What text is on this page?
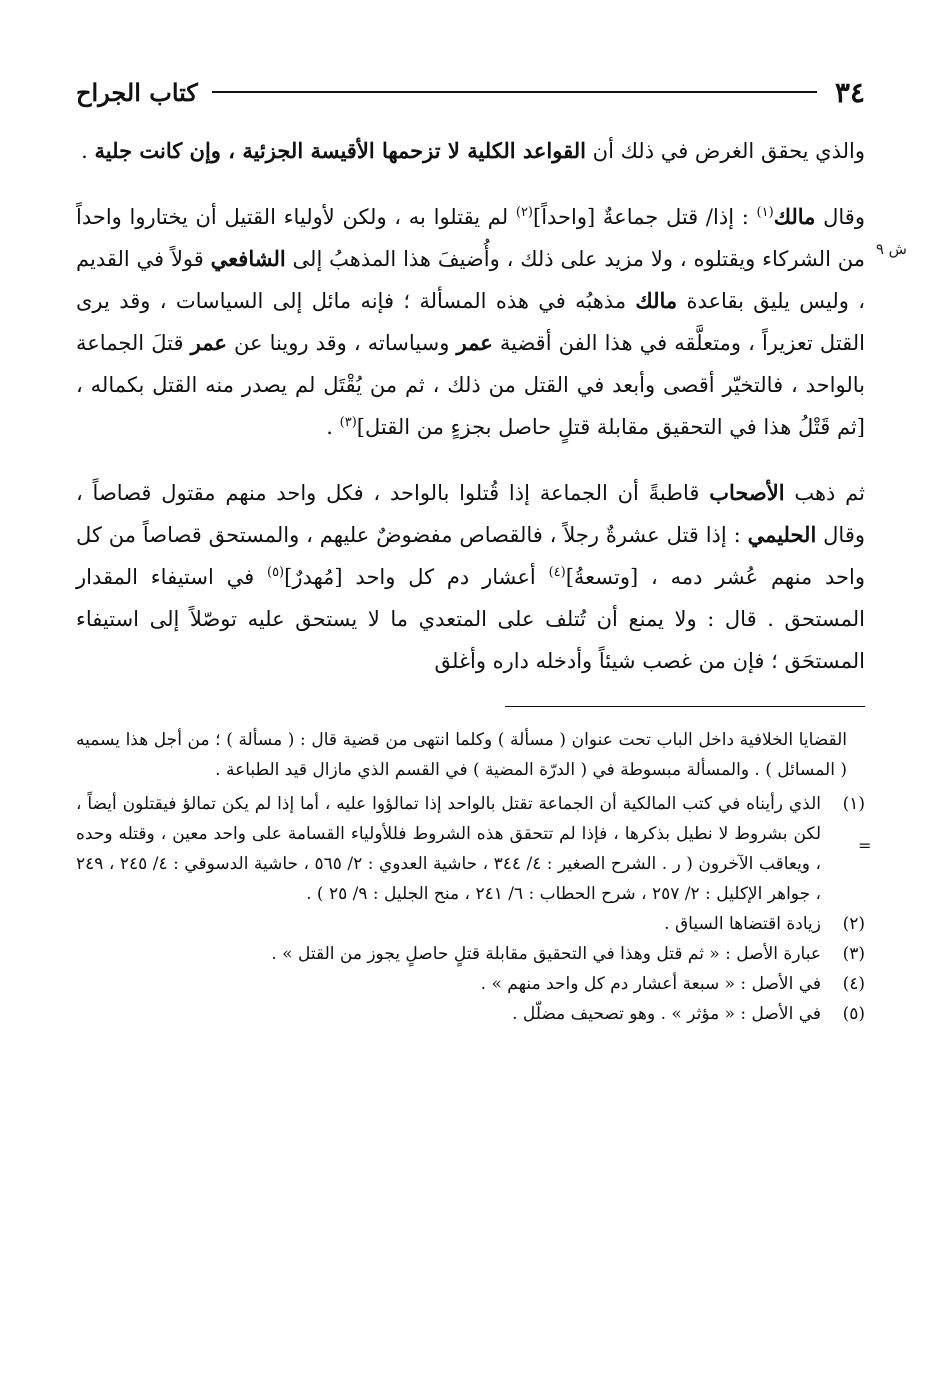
٣٤
كتاب الجراح
ش ٩

والذي يحقق الغرض في ذلك أن القواعد الكلية لا تزحمها الأقيسة الجزئية ، وإن كانت جلية .

وقال مالك$^{(١)}$ : إذا/ قتل جماعةٌ [واحداً]$^{(٢)}$ لم يقتلوا به ، ولكن لأولياء القتيل أن يختاروا واحداً من الشركاء ويقتلوه ، ولا مزيد على ذلك ، وأُضيفَ هذا المذهبُ إلى الشافعي قولاً في القديم ، وليس يليق بقاعدة مالك مذهبُه في هذه المسألة ؛ فإنه مائل إلى السياسات ، وقد يرى القتل تعزيراً ، ومتعلَّقه في هذا الفن أقضية عمر وسياساته ، وقد روينا عن عمر قتلَ الجماعة بالواحد ، فالتخيّر أقصى وأبعد في القتل من ذلك ، ثم من يُقْتَل لم يصدر منه القتل بكماله ، [ثم قَتْلُ هذا في التحقيق مقابلة قتلٍ حاصل بجزءٍ من القتل]$^{(٣)}$ .

ثم ذهب الأصحاب قاطبةً أن الجماعة إذا قُتلوا بالواحد ، فكل واحد منهم مقتول قصاصاً ، وقال الحليمي : إذا قتل عشرةٌ رجلاً ، فالقصاص مفضوضٌ عليهم ، والمستحق قصاصاً من كل واحد منهم عُشر دمه ، [وتسعةُ]$^{(٤)}$ أعشار دم كل واحد [مُهدرٌ]$^{(٥)}$ في استيفاء المقدار المستحق . قال : ولا يمنع أن تُتلف على المتعدي ما لا يستحق عليه توصّلاً إلى استيفاء المستحَق ؛ فإن من غصب شيئاً وأدخله داره وأغلق

=

القضايا الخلافية داخل الباب تحت عنوان ( مسألة ) وكلما انتهى من قضية قال : ( مسألة ) ؛ من أجل هذا يسميه ( المسائل ) . والمسألة مبسوطة في ( الدرّة المضية ) في القسم الذي مازال قيد الطباعة .

(١)
الذي رأيناه في كتب المالكية أن الجماعة تقتل بالواحد إذا تمالؤوا عليه ، أما إذا لم يكن تمالؤ فيقتلون أيضاً ، لكن بشروط لا نطيل بذكرها ، فإذا لم تتحقق هذه الشروط فللأولياء القسامة على واحد معين ، وقتله وحده ، ويعاقب الآخرون ( ر . الشرح الصغير : ٤/ ٣٤٤ ، حاشية العدوي : ٢/ ٥٦٥ ، حاشية الدسوقي : ٤/ ٢٤٥ ، ٢٤٩ ، جواهر الإكليل : ٢/ ٢٥٧ ، شرح الحطاب : ٦/ ٢٤١ ، منح الجليل : ٩/ ٢٥ ) .
(٢)
زيادة اقتضاها السياق .
(٣)
عبارة الأصل : « ثم قتل وهذا في التحقيق مقابلة قتلٍ حاصلٍ يجوز من القتل » .
(٤)
في الأصل : « سبعة أعشار دم كل واحد منهم » .
(٥)
في الأصل : « مؤثر » . وهو تصحيف مضلّل .
